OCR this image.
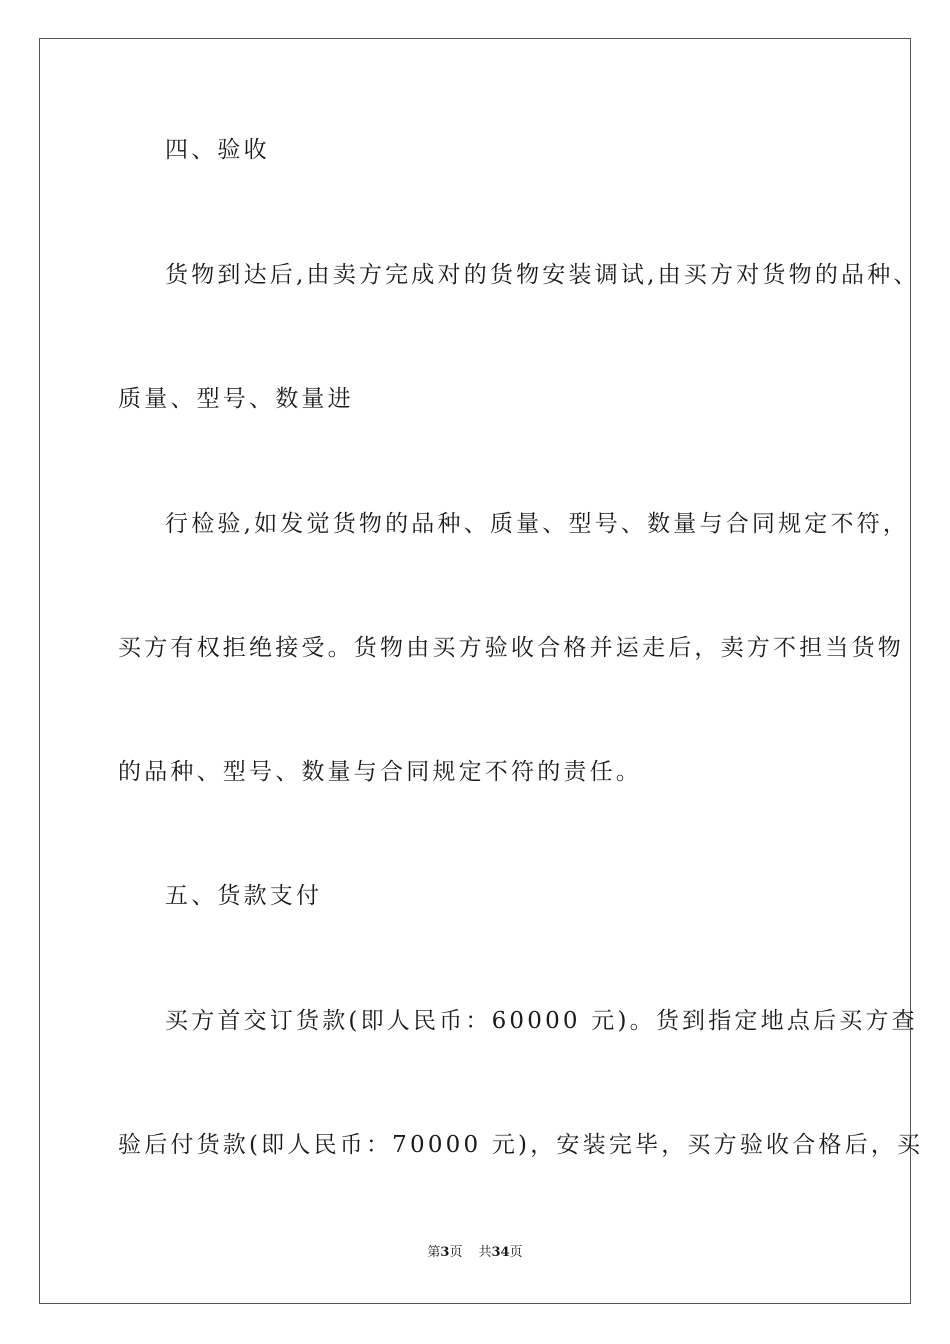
四、验收
货物到达后,由卖方完成对的货物安装调试,由买方对货物的品种、
质量、型号、数量进
行检验,如发觉货物的品种、质量、型号、数量与合同规定不符，
买方有权拒绝接受。货物由买方验收合格并运走后，卖方不担当货物
的品种、型号、数量与合同规定不符的责任。
五、货款支付
买方首交订货款(即人民币：60000 元)。货到指定地点后买方查
验后付货款(即人民币：70000 元)，安装完毕，买方验收合格后，买
第3页 共34页
